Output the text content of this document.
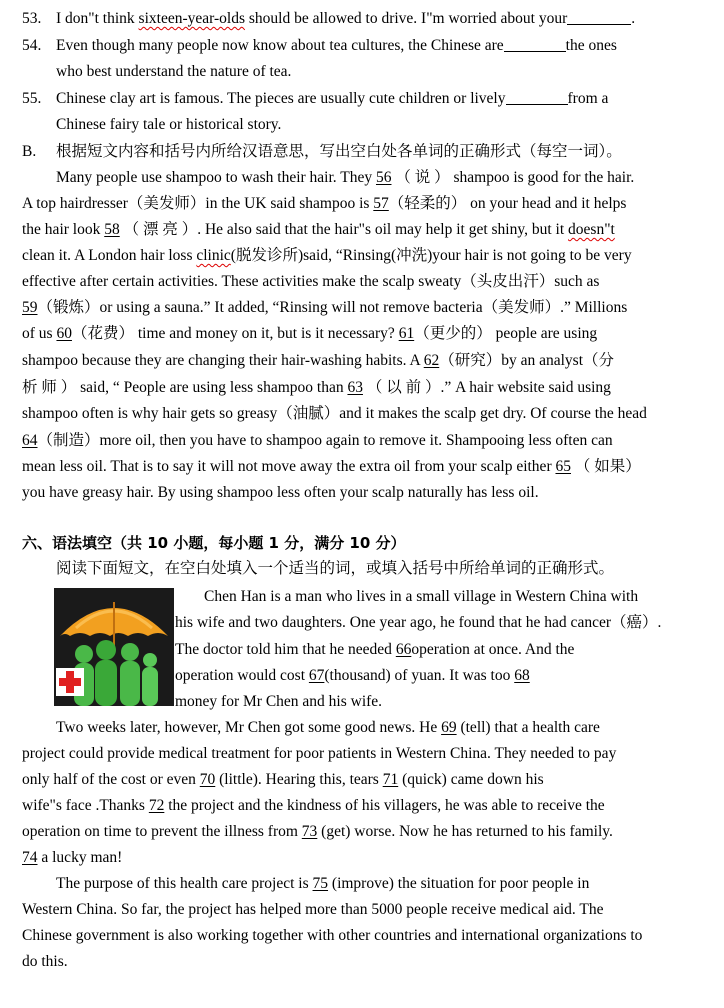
53. I don"t think sixteen-year-olds should be allowed to drive. I"m worried about your	.
54. Even though many people now know about tea cultures, the Chinese are	the ones
who best understand the nature of tea.
55. Chinese clay art is famous. The pieces are usually cute children or lively	from a
Chinese fairy tale or historical story.
B. 根据短文内容和括号内所给汉语意思，写出空白处各单词的正确形式（每空一词）。
Many people use shampoo to wash their hair. They 56 （ 说 ） shampoo is good for the hair.
A top hairdresser（美发师）in the UK said shampoo is 57（轻柔的） on your head and it helps
the hair look 58 （ 漂 亮 ）. He also said that the hair"s oil may help it get shiny, but it doesn"t
clean it. A London hair loss clinic(脱发诊所)said, “Rinsing(冲洗)your hair is not going to be very
effective after certain activities. These activities make the scalp sweaty（头皮出汗）such as
59（锻炼）or using a sauna.” It added, “Rinsing will not remove bacteria（美发师）.” Millions
of us 60（花费） time and money on it, but is it necessary? 61（更少的） people are using
shampoo because they are changing their hair-washing habits. A 62（研究）by an analyst（分
析 师 ） said, “ People are using less shampoo than 63 （ 以 前 ）.” A hair website said using
shampoo often is why hair gets so greasy（油腻）and it makes the scalp get dry. Of course the head
64（制造）more oil, then you have to shampoo again to remove it. Shampooing less often can
mean less oil. That is to say it will not move away the extra oil from your scalp either 65 （ 如果）
you have greasy hair. By using shampoo less often your scalp naturally has less oil.
六、语法填空（共 10 小题，每小题 1 分，满分 10 分）
阅读下面短文，在空白处填入一个适当的词，或填入括号中所给单词的正确形式。
Chen Han is a man who lives in a small village in Western China with
his wife and two daughters. One year ago, he found that he had cancer（癌）.
The doctor told him that he needed 66operation at once. And the
operation would cost 67(thousand) of yuan. It was too 68
money for Mr Chen and his wife.
Two weeks later, however, Mr Chen got some good news. He 69 (tell) that a health care
project could provide medical treatment for poor patients in Western China. They needed to pay
only half of the cost or even 70 (little). Hearing this, tears 71 (quick) came down his
wife"s face .Thanks 72 the project and the kindness of his villagers, he was able to receive the
operation on time to prevent the illness from 73 (get) worse. Now he has returned to his family.
74 a lucky man!
The purpose of this health care project is 75 (improve) the situation for poor people in
Western China. So far, the project has helped more than 5000 people receive medical aid. The
Chinese government is also working together with other countries and international organizations to
do this.
